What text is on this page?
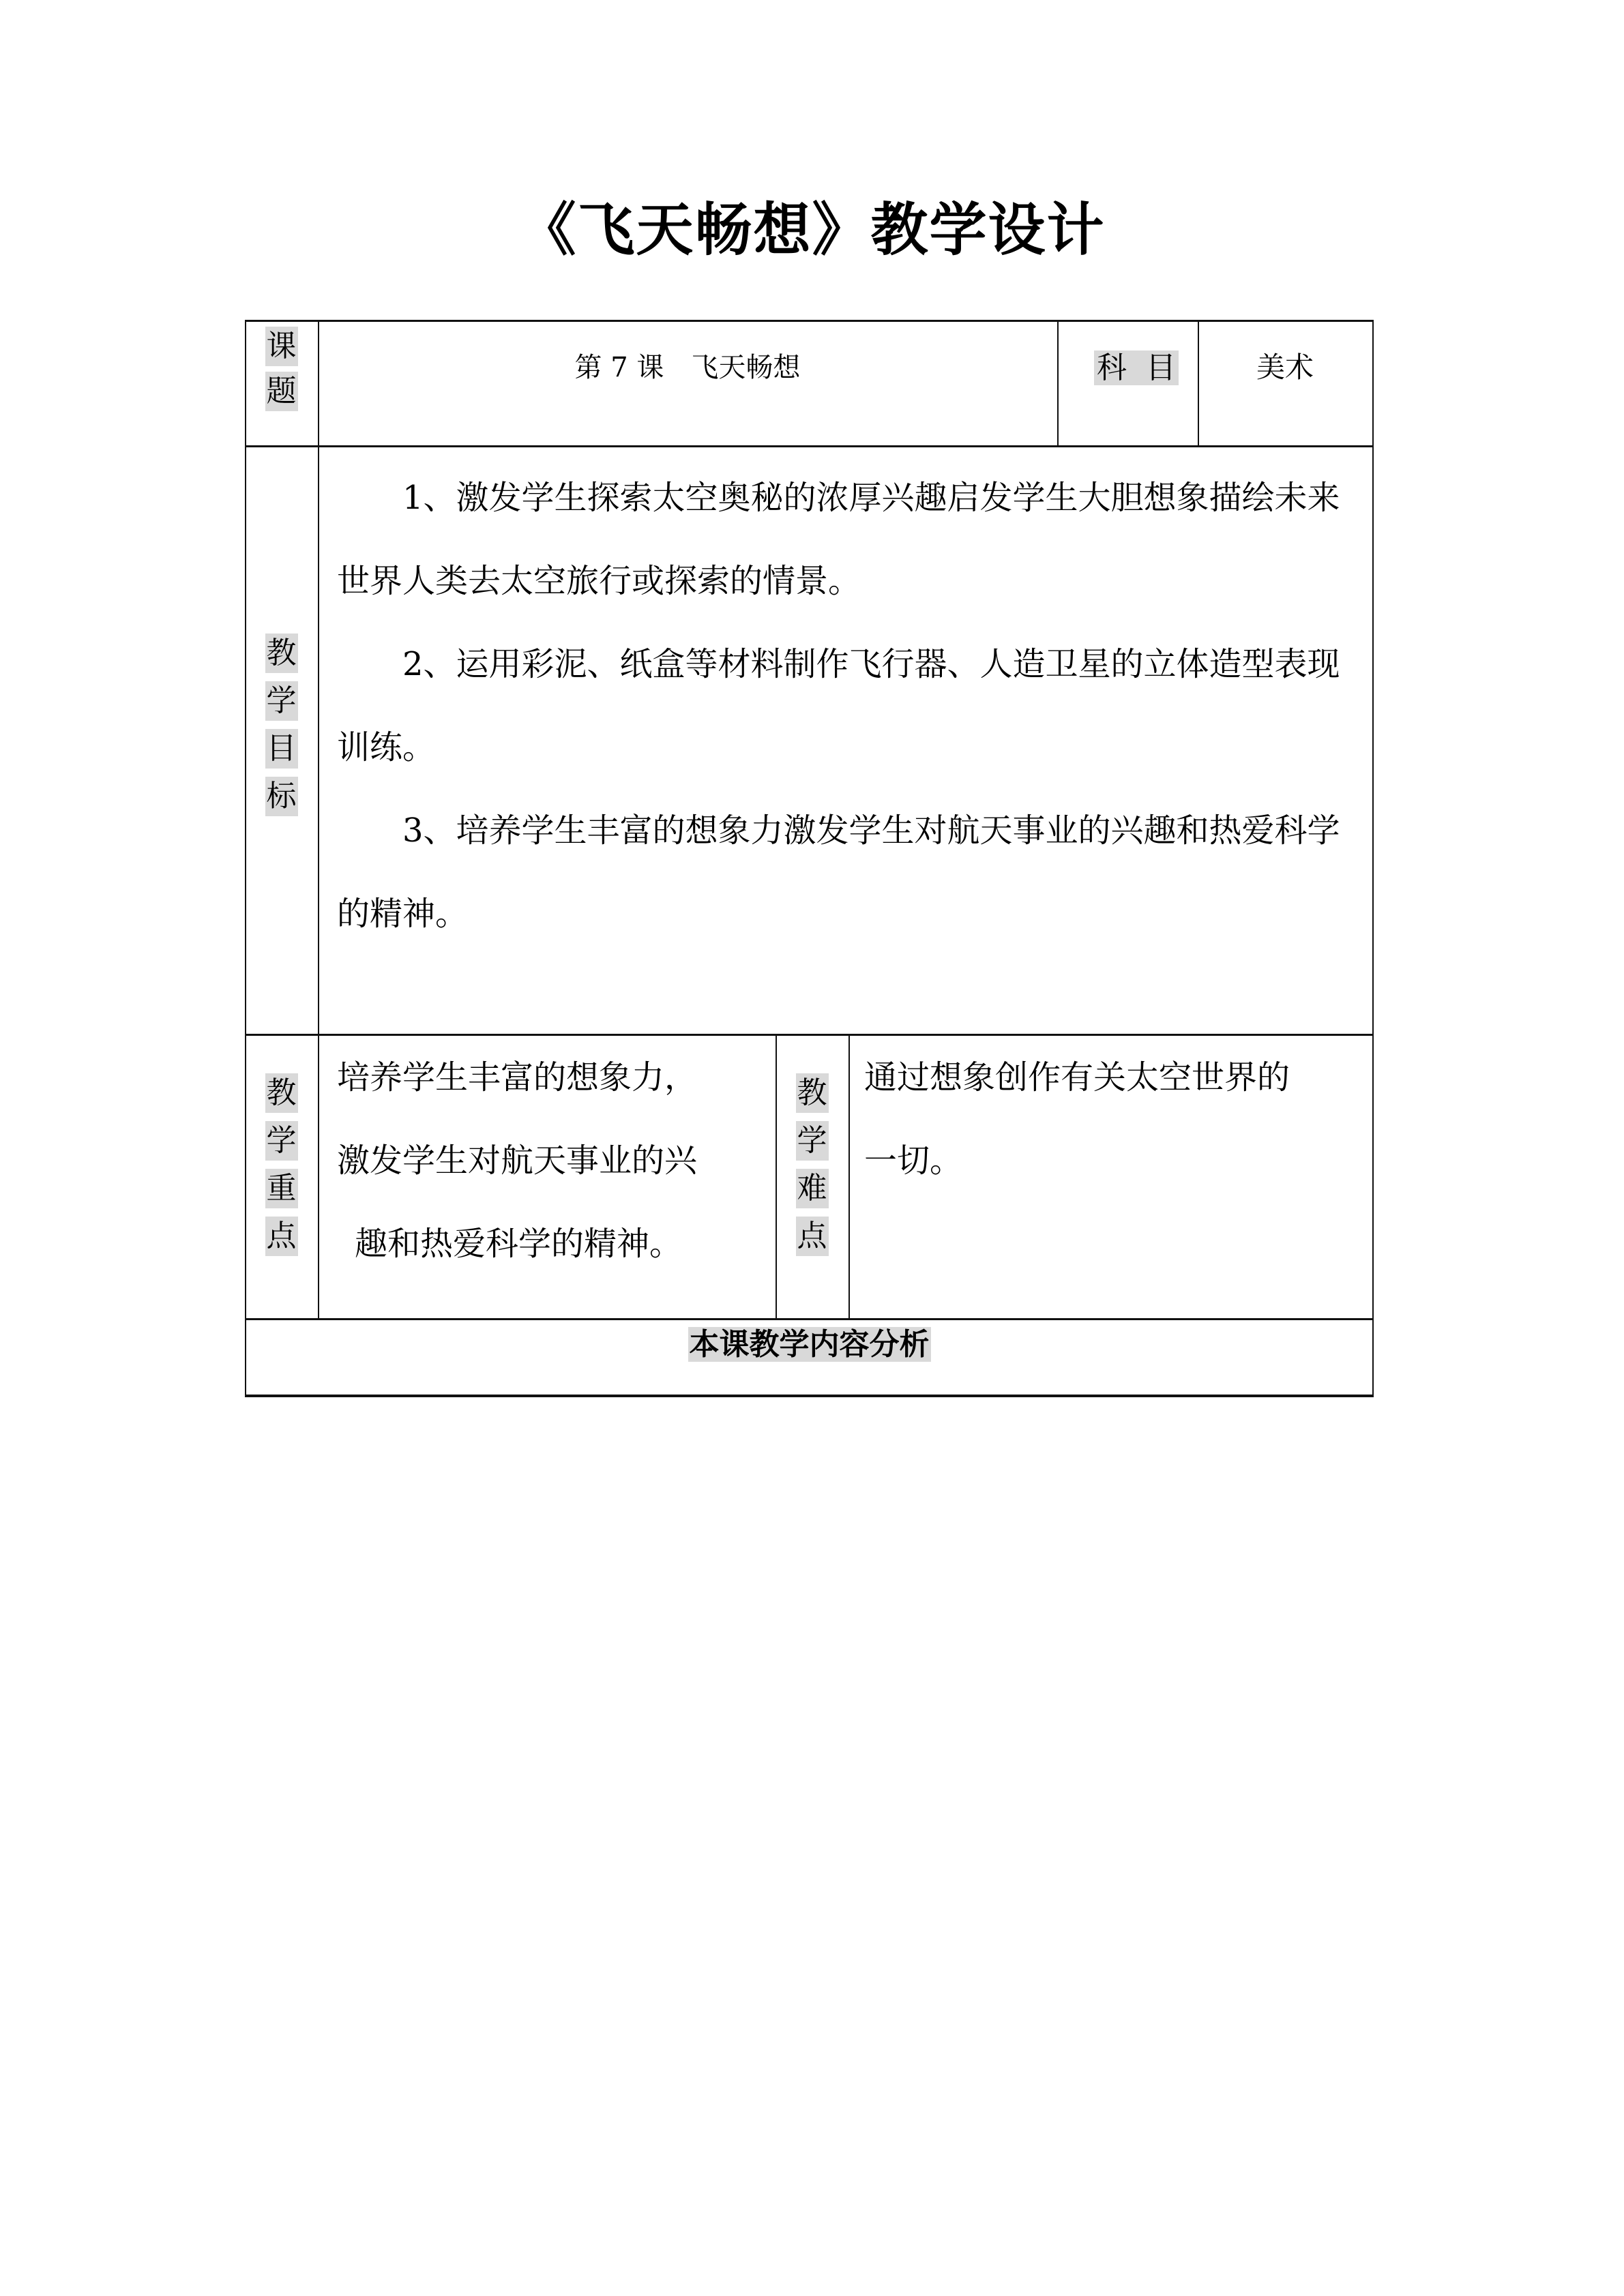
《飞天畅想》教学设计
课
题
第 7 课　飞天畅想	科  目	美术
教
学
目
标

1、激发学生探索太空奥秘的浓厚兴趣启发学生大胆想象描绘未来世界人类去太空旅行或探索的情景。

2、运用彩泥、纸盒等材料制作飞行器、人造卫星的立体造型表现训练。

3、培养学生丰富的想象力激发学生对航天事业的兴趣和热爱科学的精神。

教
学
重
点
培养学生丰富的想象力，
激发学生对航天事业的兴
趣和热爱科学的精神。
教
学
难
点
通过想象创作有关太空世界的
一切。
本课教学内容分析
